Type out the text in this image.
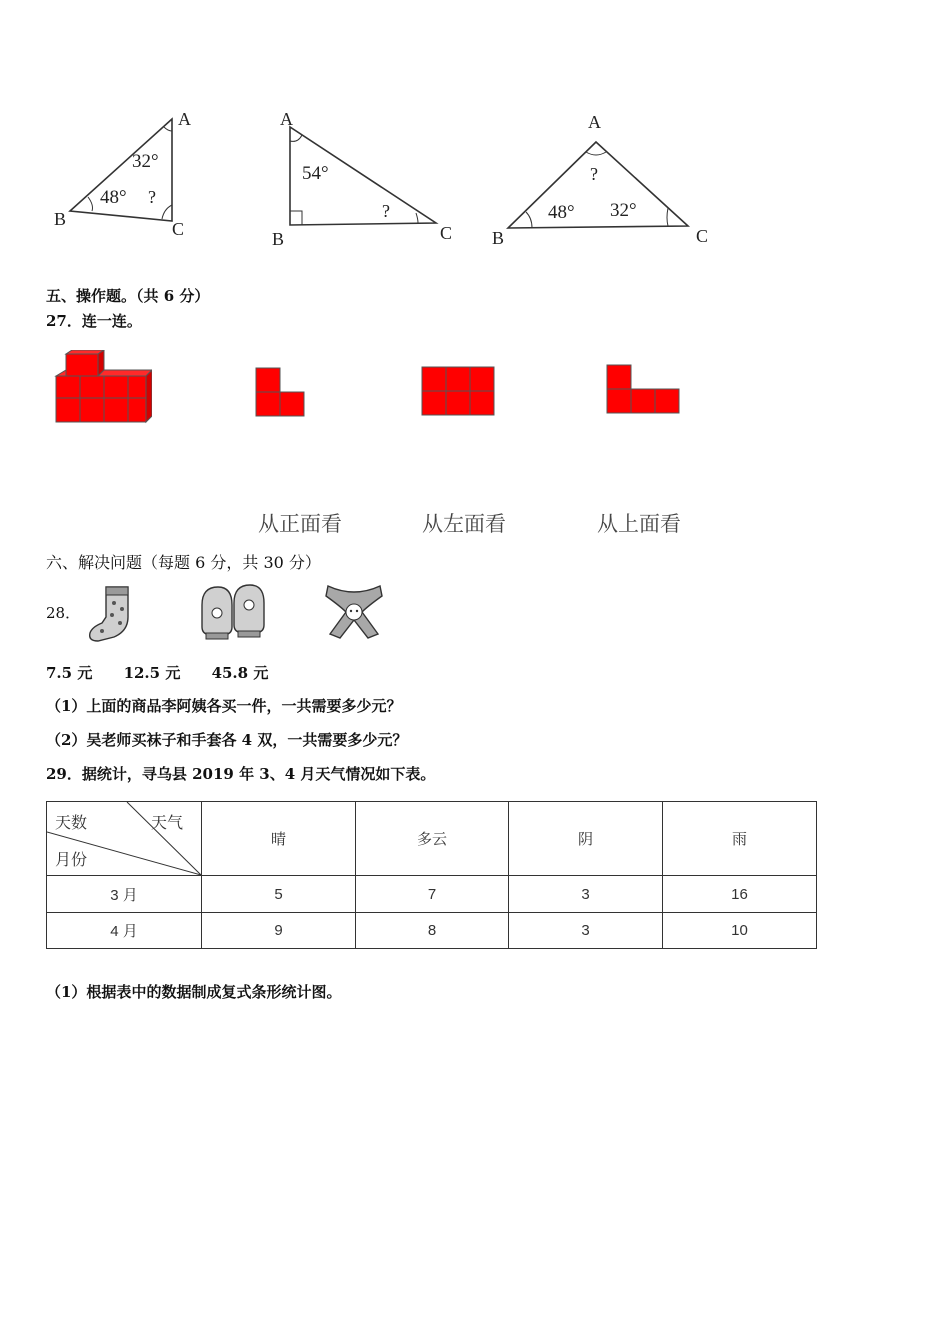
A
B	C
32°
48° ?
A
B	C
54°
?
A
B	C
?
48° 32°
五、操作题。（共 6 分）
27．连一连。
从正面看	从左面看	从上面看
六、解决问题（每题 6 分，共 30 分）
28．
7.5 元 12.5 元 45.8 元
（1）上面的商品李阿姨各买一件，一共需要多少元？
（2）吴老师买袜子和手套各 4 双，一共需要多少元？
29．据统计，寻乌县 2019 年 3、4 月天气情况如下表。
天数 天气
月份	晴	多云	阴	雨
3 月	5	7	3	16
4 月	9	8	3	10
（1）根据表中的数据制成复式条形统计图。
